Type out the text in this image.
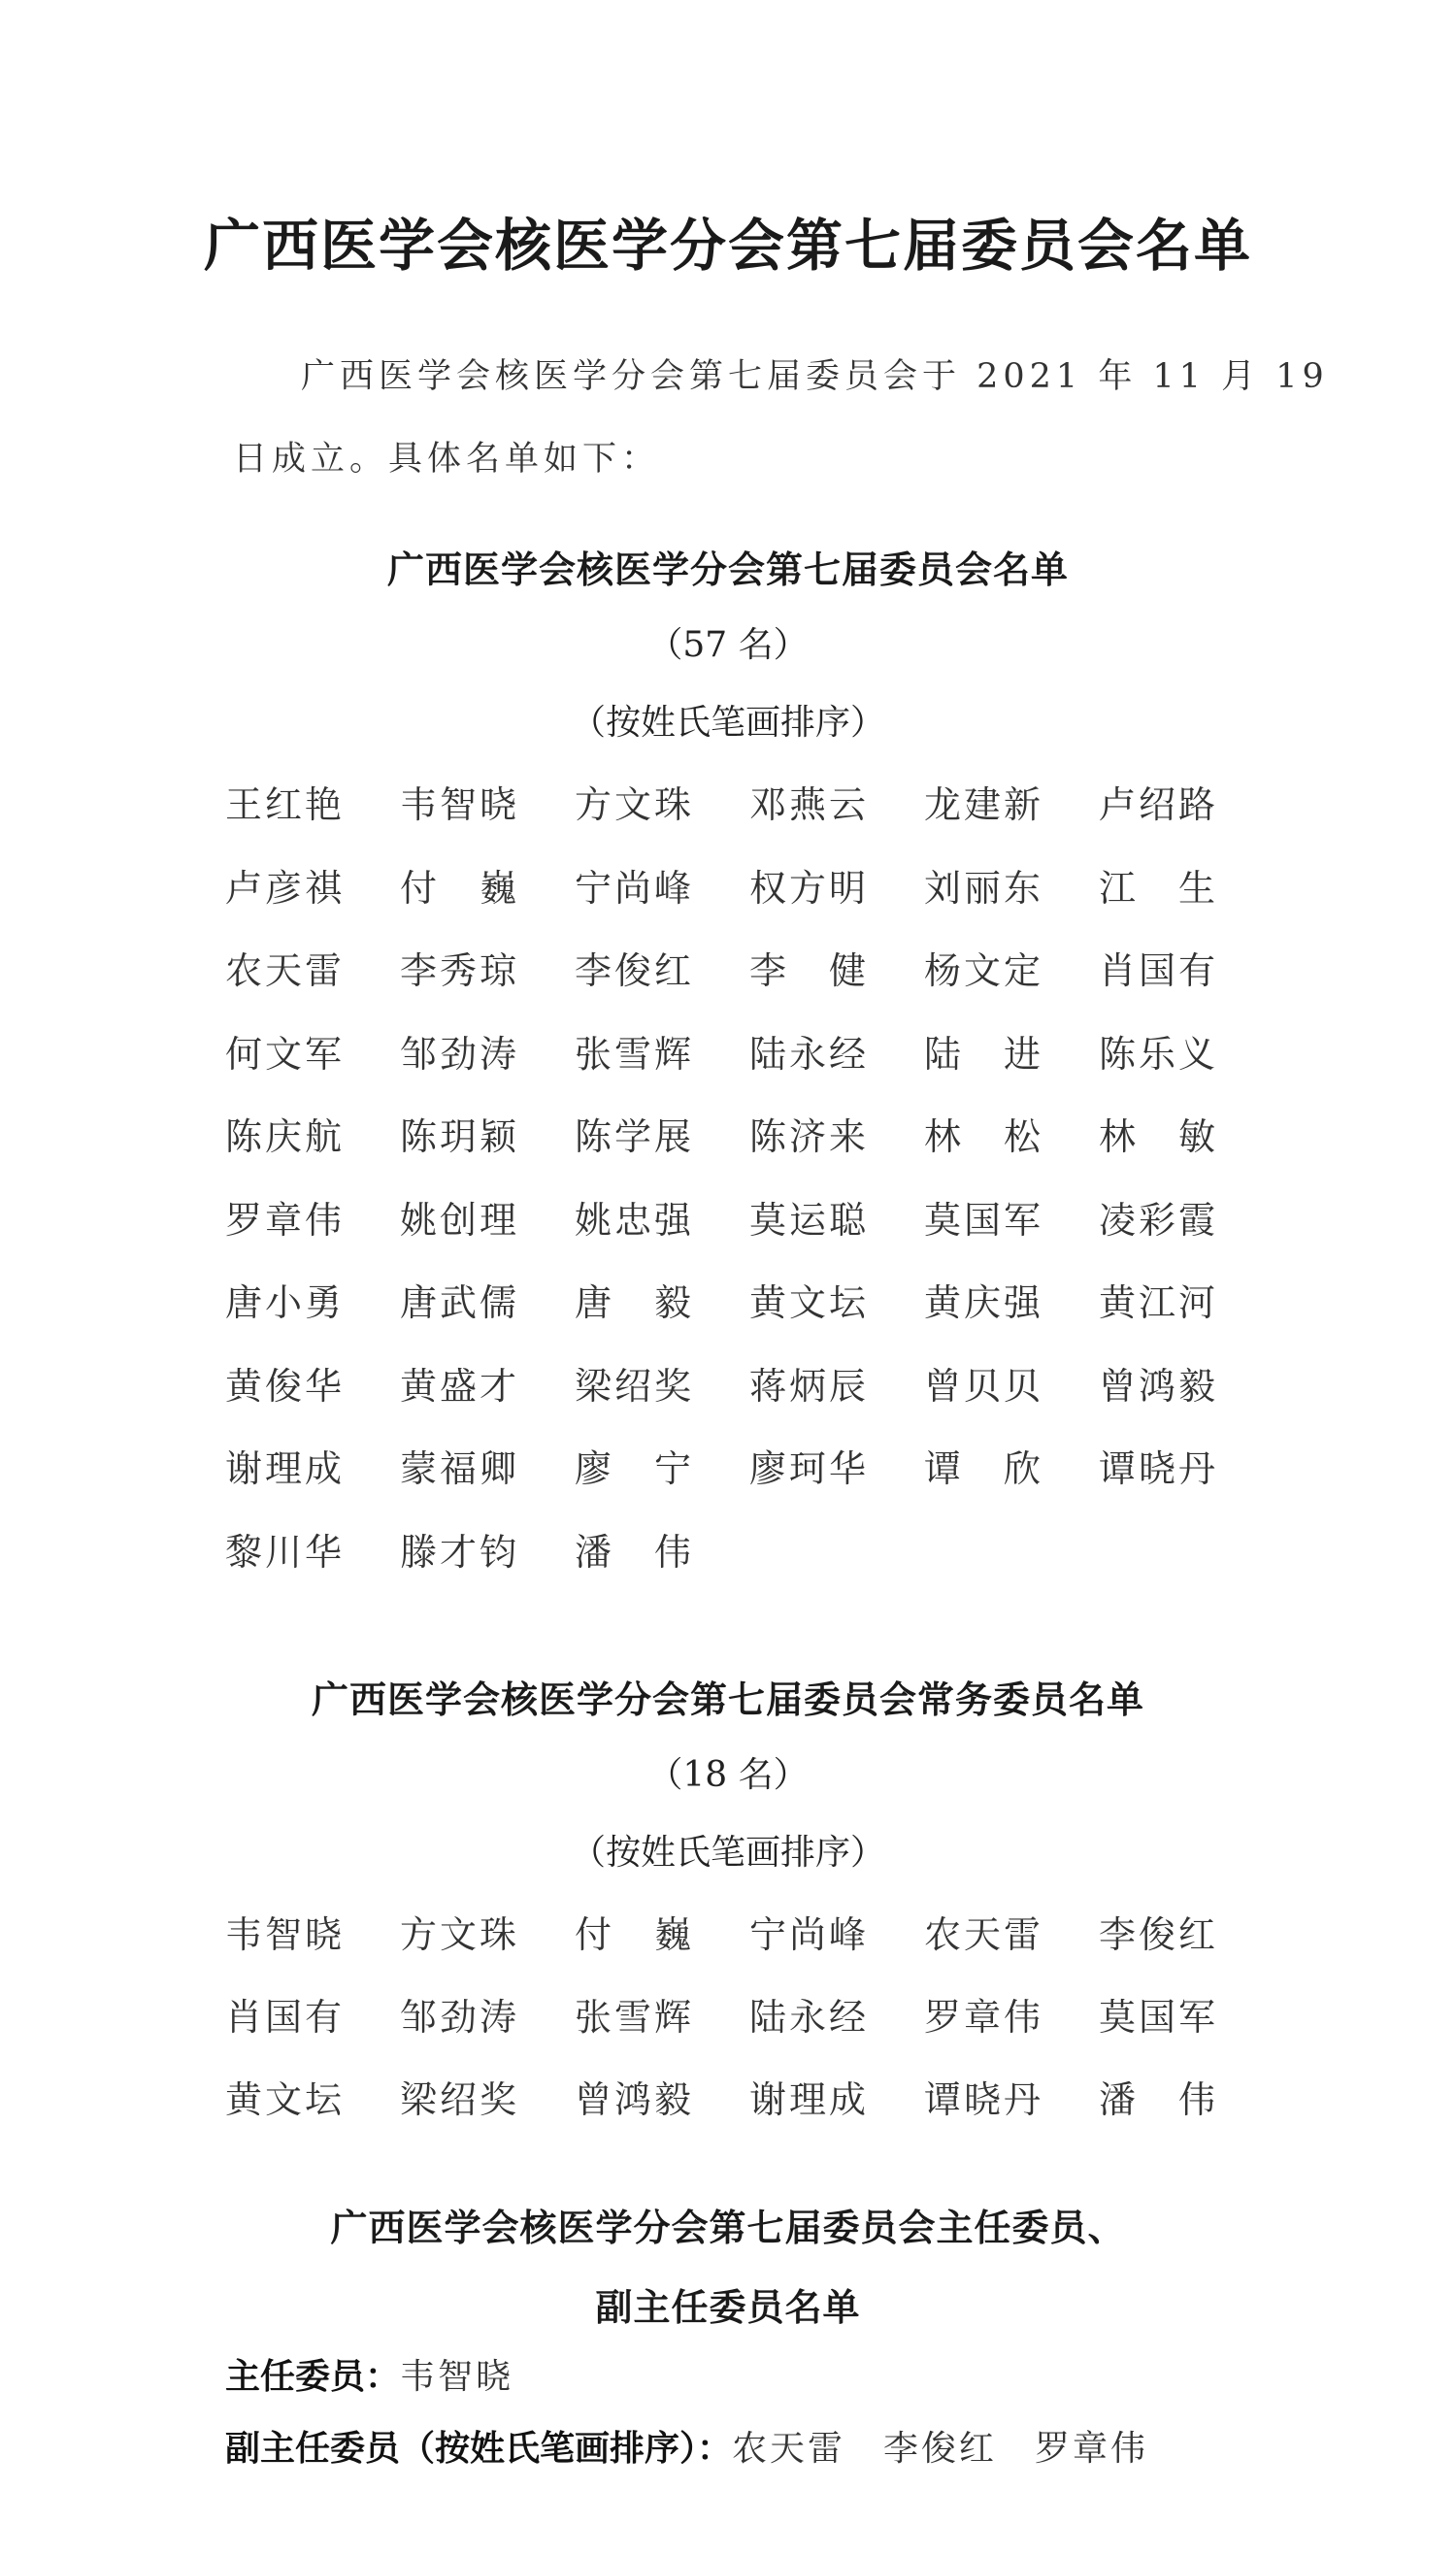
广西医学会核医学分会第七届委员会名单
广西医学会核医学分会第七届委员会于 2021 年 11 月 19
日成立。具体名单如下：
广西医学会核医学分会第七届委员会名单
（57 名）
（按姓氏笔画排序）
王 红 艳 韦 智 晓 方 文 珠 邓 燕 云 龙 建 新 卢 绍 路
卢 彦 祺 付 巍 宁 尚 峰 权 方 明 刘 丽 东 江 生
农 天 雷 李 秀 琼 李 俊 红 李 健 杨 文 定 肖 国 有
何 文 军 邹 劲 涛 张 雪 辉 陆 永 经 陆 进 陈 乐 义
陈 庆 航 陈 玥 颖 陈 学 展 陈 济 来 林 松 林 敏
罗 章 伟 姚 创 理 姚 忠 强 莫 运 聪 莫 国 军 凌 彩 霞
唐 小 勇 唐 武 儒 唐 毅 黄 文 坛 黄 庆 强 黄 江 河
黄 俊 华 黄 盛 才 梁 绍 奖 蒋 炳 辰 曾 贝 贝 曾 鸿 毅
谢 理 成 蒙 福 卿 廖 宁 廖 珂 华 谭 欣 谭 晓 丹
黎 川 华 滕 才 钧 潘 伟
广西医学会核医学分会第七届委员会常务委员名单
（18 名）
（按姓氏笔画排序）
韦 智 晓 方 文 珠 付 巍 宁 尚 峰 农 天 雷 李 俊 红
肖 国 有 邹 劲 涛 张 雪 辉 陆 永 经 罗 章 伟 莫 国 军
黄 文 坛 梁 绍 奖 曾 鸿 毅 谢 理 成 谭 晓 丹 潘 伟
广西医学会核医学分会第七届委员会主任委员、
副主任委员名单
主任委员：韦智晓
副主任委员（按姓氏笔画排序）：农天雷　李俊红　罗章伟
